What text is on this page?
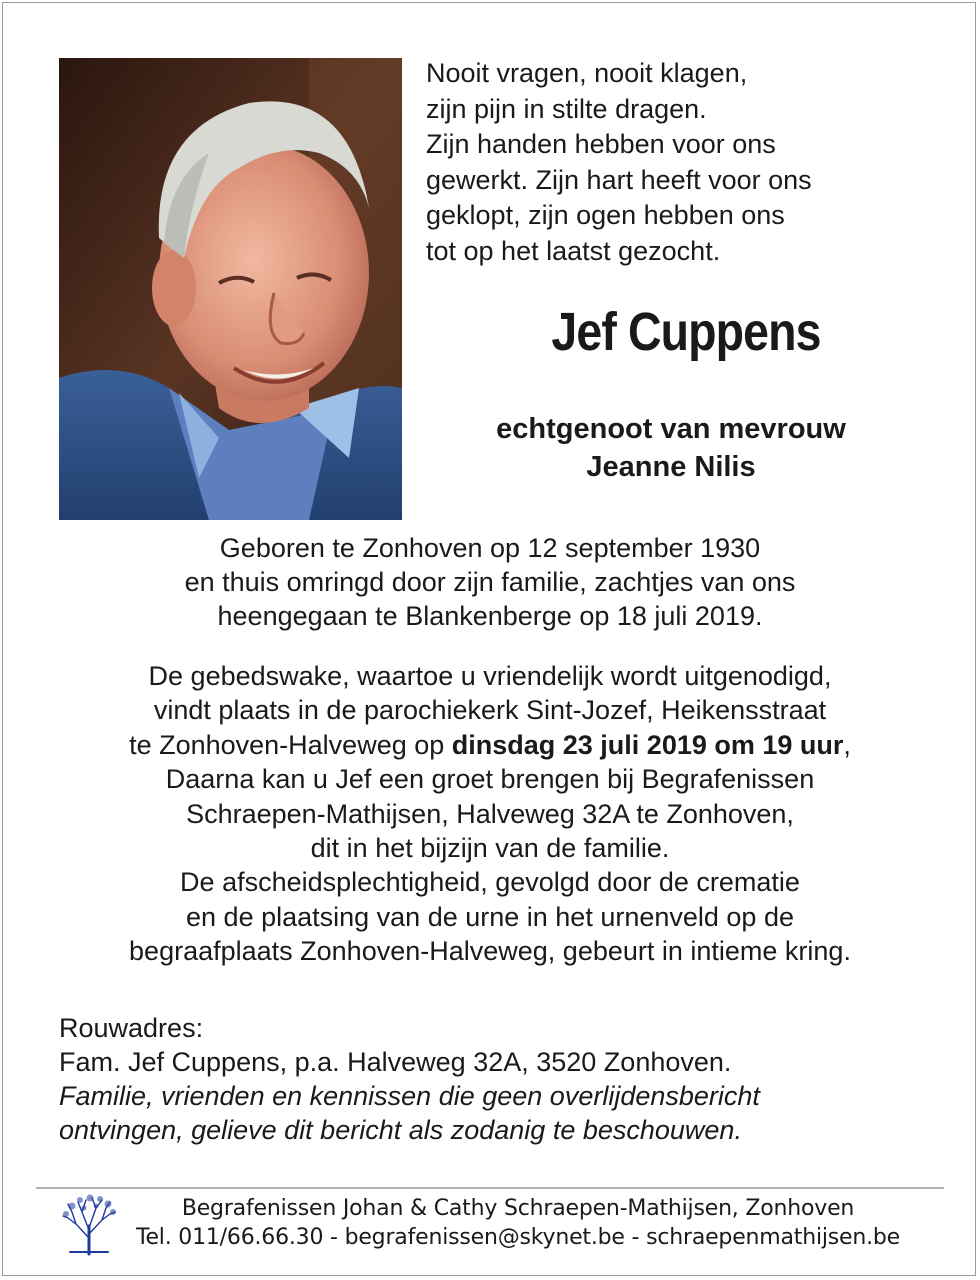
Nooit vragen, nooit klagen,
zijn pijn in stilte dragen.
Zijn handen hebben voor ons
gewerkt. Zijn hart heeft voor ons
geklopt, zijn ogen hebben ons
tot op het laatst gezocht.
Jef Cuppens
echtgenoot van mevrouw
Jeanne Nilis
Geboren te Zonhoven op 12 september 1930
en thuis omringd door zijn familie, zachtjes van ons
heengegaan te Blankenberge op 18 juli 2019.
De gebedswake, waartoe u vriendelijk wordt uitgenodigd,
vindt plaats in de parochiekerk Sint-Jozef, Heikensstraat
te Zonhoven-Halveweg op dinsdag 23 juli 2019 om 19 uur,
Daarna kan u Jef een groet brengen bij Begrafenissen
Schraepen-Mathijsen, Halveweg 32A te Zonhoven,
dit in het bijzijn van de familie.
De afscheidsplechtigheid, gevolgd door de crematie
en de plaatsing van de urne in het urnenveld op de
begraafplaats Zonhoven-Halveweg, gebeurt in intieme kring.
Rouwadres:
Fam. Jef Cuppens, p.a. Halveweg 32A, 3520 Zonhoven.
Familie, vrienden en kennissen die geen overlijdensbericht
ontvingen, gelieve dit bericht als zodanig te beschouwen.
Begrafenissen Johan & Cathy Schraepen-Mathijsen, Zonhoven
Tel. 011/66.66.30 - begrafenissen@skynet.be - schraepenmathijsen.be
